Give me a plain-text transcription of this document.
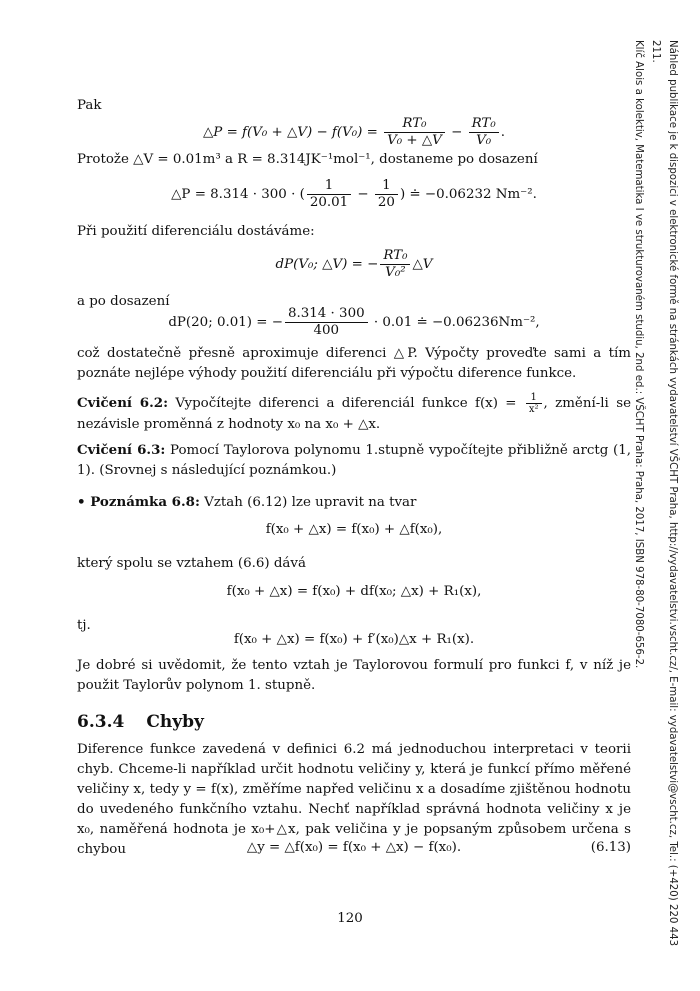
Náhled publikace je k dispozici v elektronické formě na stránkách vydavatelství VŠCHT Praha, http://vydavatelstvi.vscht.cz/, E-mail: vydavatelstvi@vscht.cz, Tel.: (+420) 220 443 211.
Klíč Alois a kolektiv, Matematika I ve strukturovaném studiu, 2nd ed.: VŠCHT Praha: Praha, 2017, ISBN 978-80-7080-656-2.
Pak
△P = f(V₀ + △V) − $f(V_0) = \frac{\text{RT₀}}{\text{V₀ + △V}} - \frac{\text{RT₀}}{\text{V₀}}$ .
Protože △V = 0.01m³ a R = 8.314JK⁻¹mol⁻¹, dostaneme po dosazení
△P = 8.314 · 300 · ( $\frac{1}{20.01} - \frac{1}{20}$ ) ≐ −0.06232 Nm⁻².
Při použití diferenciálu dostáváme:
dP(V₀; △V) = − $\frac{\text{RT₀}}{\text{V₀²}}$ △V
a po dosazení
dP(20; 0.01) = − $\frac{8.314 \cdot 300}{400} \cdot 0.01$ ≐ −0.06236Nm⁻²,
což dostatečně přesně aproximuje diferenci △P. Výpočty proveďte sami a tím poznáte nejlépe výhody použití diferenciálu při výpočtu diference funkce.
Cvičení 6.2: Vypočítejte diferenci a diferenciál funkce $f(x) = \frac{1}{\text{x²}}$ , změní-li se nezávisle proměnná z hodnoty x₀ na x₀ + △x.
Cvičení 6.3: Pomocí Taylorova polynomu 1.stupně vypočítejte přibližně arctg (1, 1). (Srovnej s následující poznámkou.)
• Poznámka 6.8: Vztah (6.12) lze upravit na tvar
f(x₀ + △x) = f(x₀) + △f(x₀),
který spolu se vztahem (6.6) dává
f(x₀ + △x) = f(x₀) + df(x₀; △x) + R₁(x),
tj.
f(x₀ + △x) = f(x₀) + f′(x₀)△x + R₁(x).
Je dobré si uvědomit, že tento vztah je Taylorovou formulí pro funkci f, v níž je použit Taylorův polynom 1. stupně.
6.3.4 Chyby
Diference funkce zavedená v definici 6.2 má jednoduchou interpretaci v teorii chyb. Chceme-li například určit hodnotu veličiny y, která je funkcí přímo měřené veličiny x, tedy y = f(x), změříme napřed veličinu x a dosadíme zjištěnou hodnotu do uvedeného funkčního vztahu. Nechť například správná hodnota veličiny x je x₀, naměřená hodnota je x₀+△x, pak veličina y je popsaným způsobem určena s chybou	△y = △f(x₀) = f(x₀ + △x) − f(x₀).	(6.13)
120
